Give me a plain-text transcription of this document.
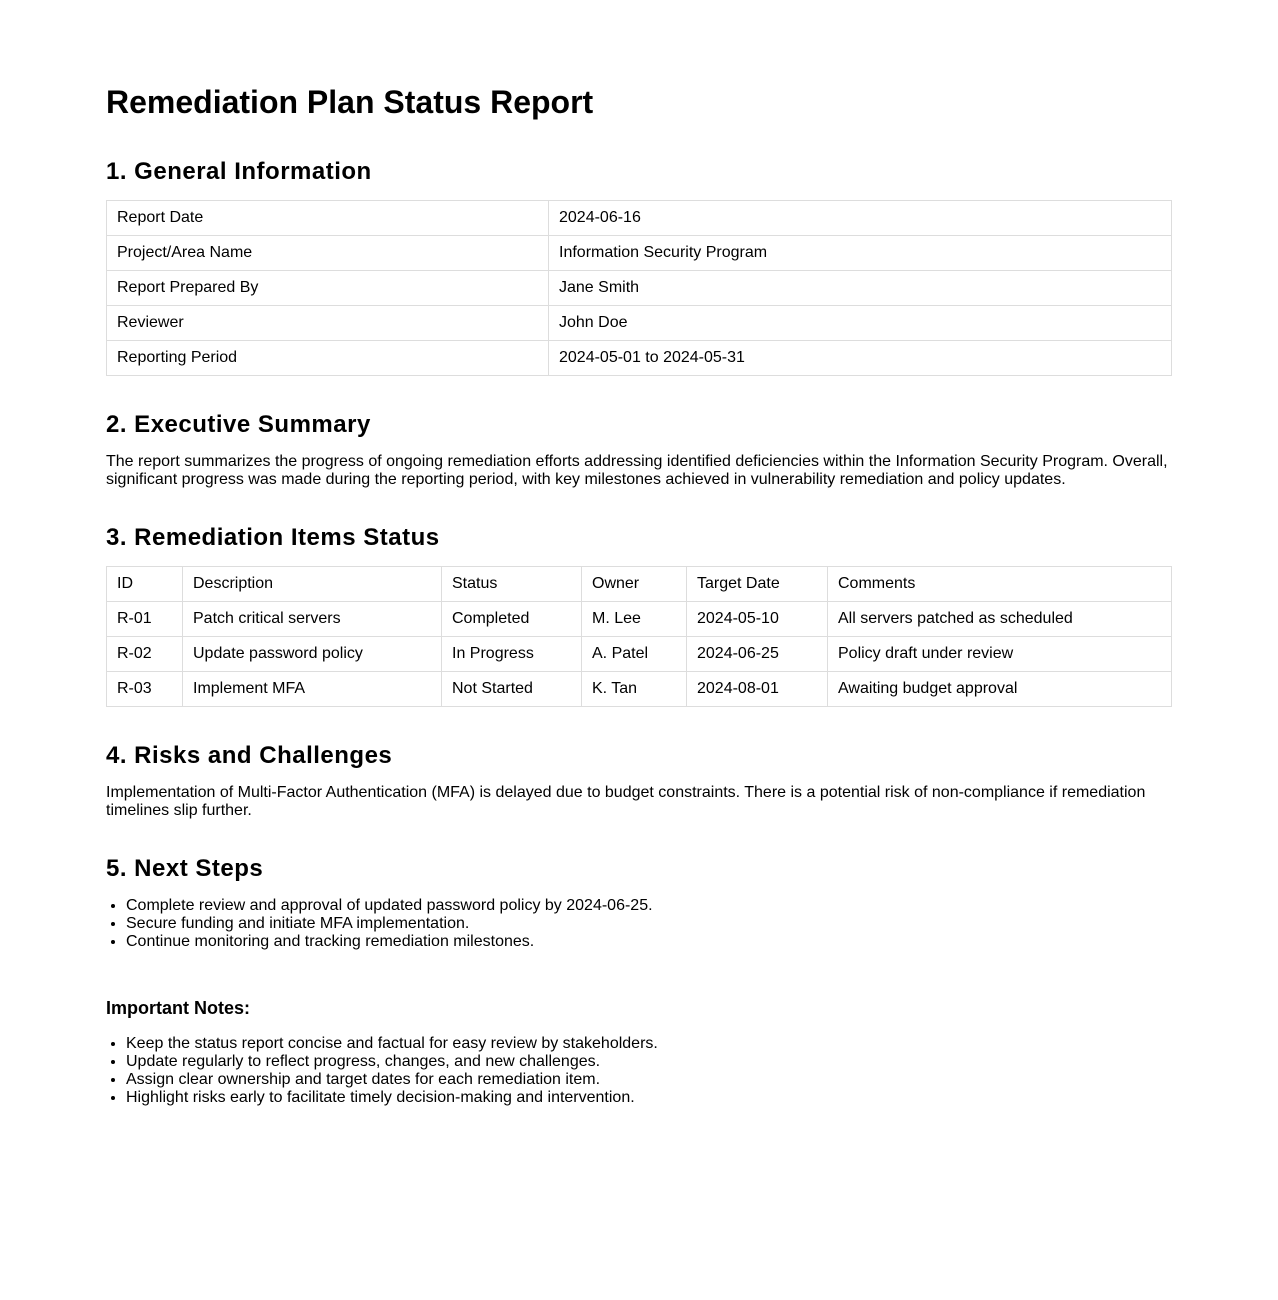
Remediation Plan Status Report
1. General Information
Report Date	2024-06-16
Project/Area Name	Information Security Program
Report Prepared By	Jane Smith
Reviewer	John Doe
Reporting Period	2024-05-01 to 2024-05-31
2. Executive Summary

The report summarizes the progress of ongoing remediation efforts addressing identified deficiencies within the Information Security Program. Overall, significant progress was made during the reporting period, with key milestones achieved in vulnerability remediation and policy updates.

3. Remediation Items Status
ID	Description	Status	Owner	Target Date	Comments
R-01	Patch critical servers	Completed	M. Lee	2024-05-10	All servers patched as scheduled
R-02	Update password policy	In Progress	A. Patel	2024-06-25	Policy draft under review
R-03	Implement MFA	Not Started	K. Tan	2024-08-01	Awaiting budget approval
4. Risks and Challenges

Implementation of Multi-Factor Authentication (MFA) is delayed due to budget constraints. There is a potential risk of non-compliance if remediation timelines slip further.

5. Next Steps
• Complete review and approval of updated password policy by 2024-06-25.
• Secure funding and initiate MFA implementation.
• Continue monitoring and tracking remediation milestones.
Important Notes:
• Keep the status report concise and factual for easy review by stakeholders.
• Update regularly to reflect progress, changes, and new challenges.
• Assign clear ownership and target dates for each remediation item.
• Highlight risks early to facilitate timely decision-making and intervention.
